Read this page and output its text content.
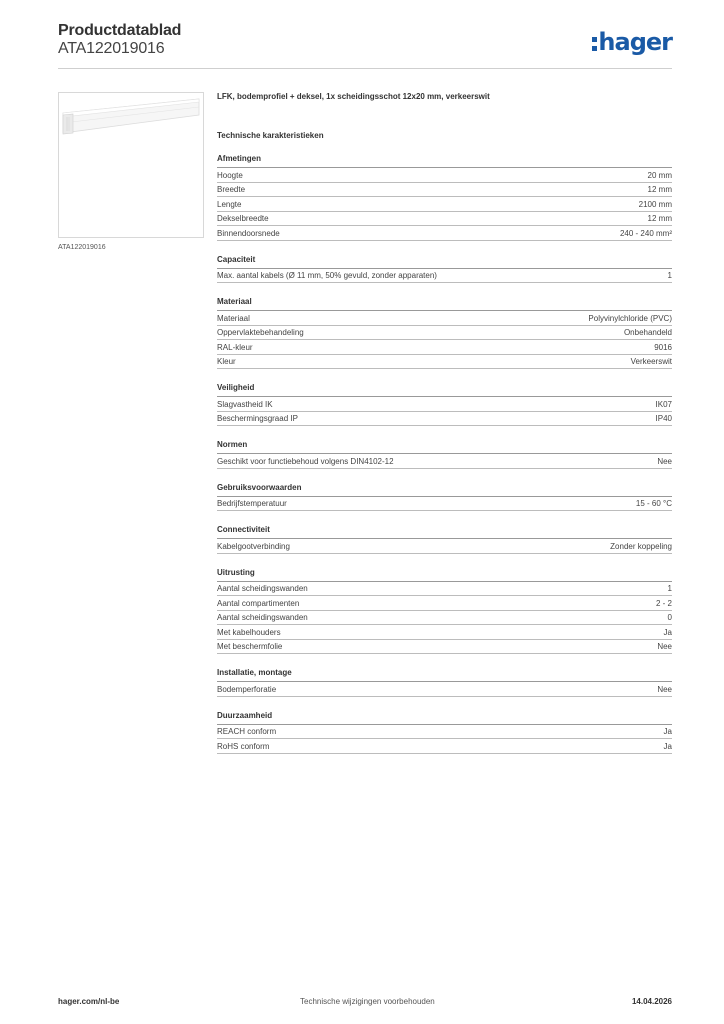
Productdatablad
ATA122019016	hager
ATA122019016
LFK, bodemprofiel + deksel, 1x scheidingsschot 12x20 mm, verkeerswit
Technische karakteristieken
Afmetingen
Hoogte	20 mm
Breedte	12 mm
Lengte	2100 mm
Dekselbreedte	12 mm
Binnendoorsnede	240 - 240 mm²
Capaciteit
Max. aantal kabels (Ø 11 mm, 50% gevuld, zonder apparaten)	1
Materiaal
Materiaal	Polyvinylchloride (PVC)
Oppervlaktebehandeling	Onbehandeld
RAL-kleur	9016
Kleur	Verkeerswit
Veiligheid
Slagvastheid IK	IK07
Beschermingsgraad IP	IP40
Normen
Geschikt voor functiebehoud volgens DIN4102-12	Nee
Gebruiksvoorwaarden
Bedrijfstemperatuur	15 - 60 °C
Connectiviteit
Kabelgootverbinding	Zonder koppeling
Uitrusting
Aantal scheidingswanden	1
Aantal compartimenten	2 - 2
Aantal scheidingswanden	0
Met kabelhouders	Ja
Met beschermfolie	Nee
Installatie, montage
Bodemperforatie	Nee
Duurzaamheid
REACH conform	Ja
RoHS conform	Ja
hager.com/nl-be	Technische wijzigingen voorbehouden	14.04.2026
